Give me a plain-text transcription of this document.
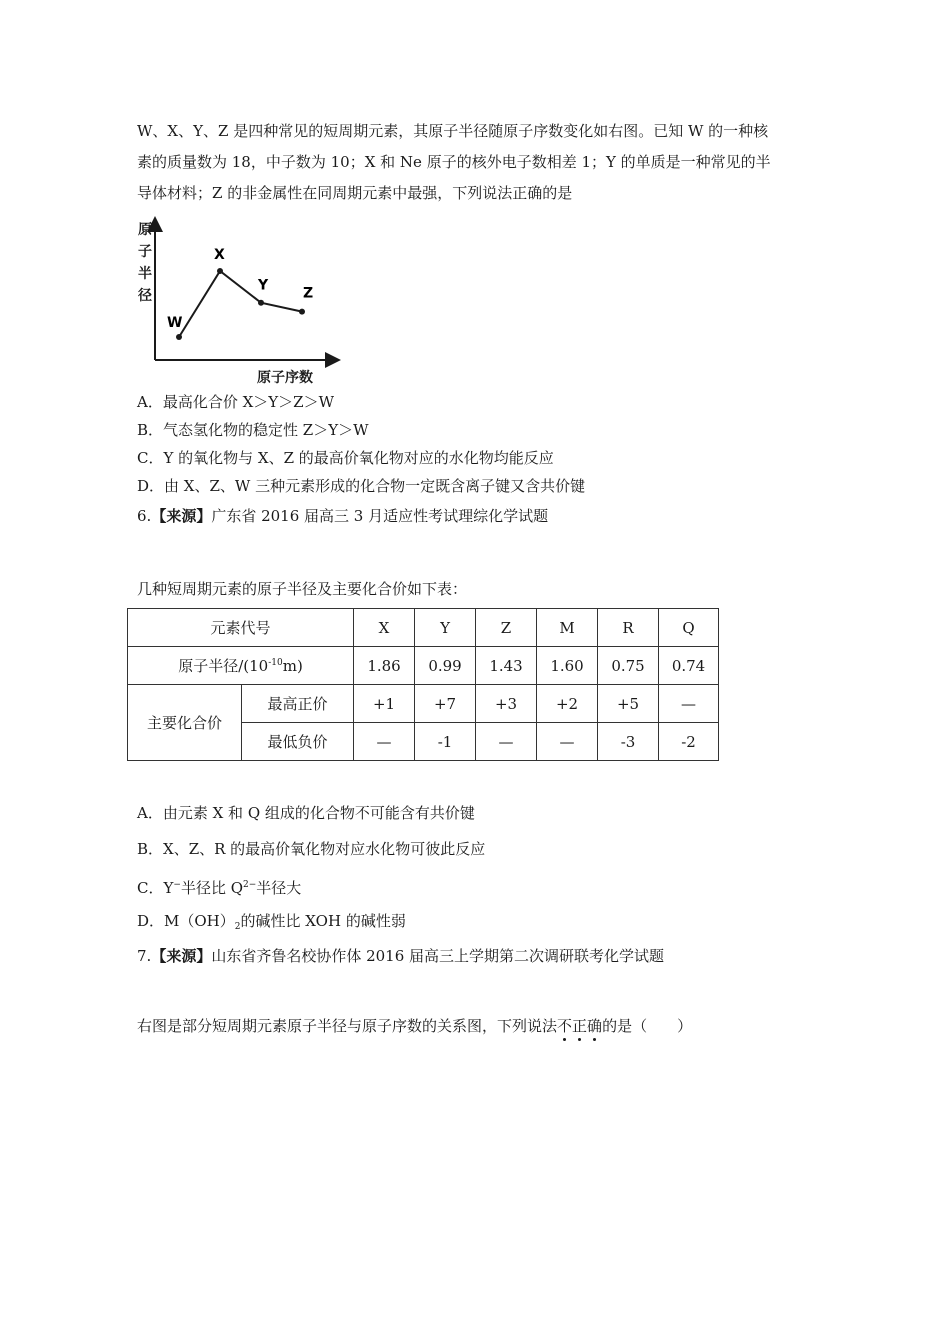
W、X、Y、Z 是四种常见的短周期元素，其原子半径随原子序数变化如右图。已知 W 的一种核
素的质量数为 18，中子数为 10；X 和 Ne 原子的核外电子数相差 1；Y 的单质是一种常见的半
导体材料；Z 的非金属性在同周期元素中最强，下列说法正确的是
原
子
半
径
原子序数
W
X
Y Z
A．最高化合价 X＞Y＞Z＞W
B．气态氢化物的稳定性 Z＞Y＞W
C．Y 的氧化物与 X、Z 的最高价氧化物对应的水化物均能反应
D．由 X、Z、W 三种元素形成的化合物一定既含离子键又含共价键
6.【来源】广东省 2016 届高三 3 月适应性考试理综化学试题
几种短周期元素的原子半径及主要化合价如下表：
元素代号		X	Y	Z	M	R	Q
原子半径$/(10^{-10}m)$		1.86	0.99	1.43	1.60	0.75	0.74
主要化合价	最高正价	+1	+7	+3	+2	+5	—
	最低负价	—	-1	—	—	-3	-2
A．由元素 X 和 Q 组成的化合物不可能含有共价键
B．X、Z、R 的最高价氧化物对应水化物可彼此反应
C．Y−半径比 $Q^{2-}$半径大
D．$M(OH)_2$的碱性比 XOH 的碱性弱
7.【来源】山东省齐鲁名校协作体 2016 届高三上学期第二次调研联考化学试题
右图是部分短周期元素原子半径与原子序数的关系图，下列说法不正确的是（　　）
